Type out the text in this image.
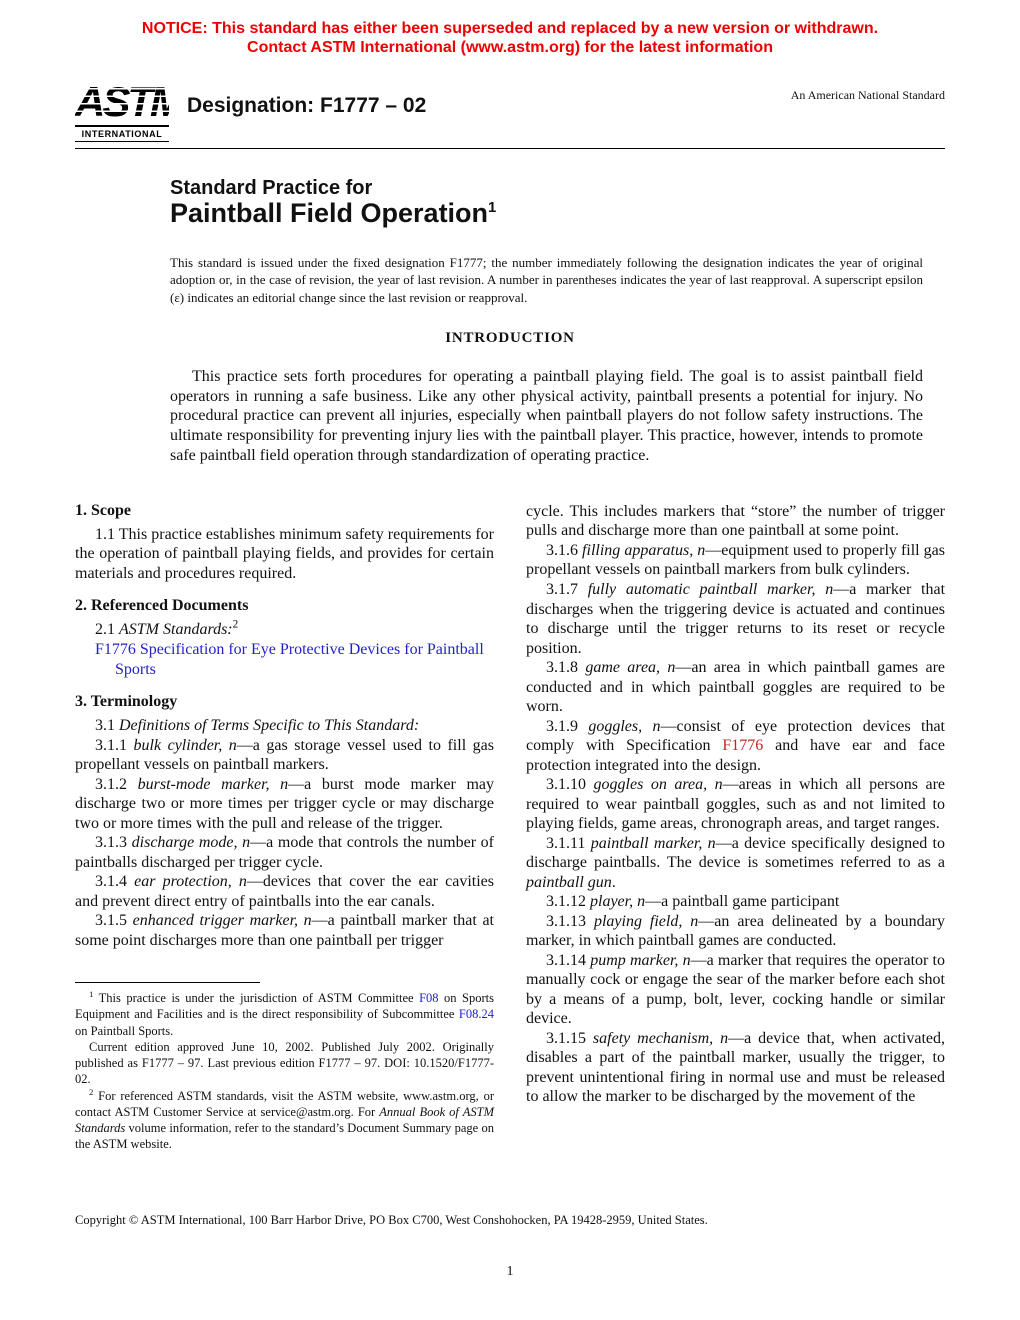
NOTICE: This standard has either been superseded and replaced by a new version or withdrawn.
Contact ASTM International (www.astm.org) for the latest information
ASTM
INTERNATIONAL
Designation: F1777 – 02	An American National Standard
Standard Practice for
Paintball Field Operation$^1$

This standard is issued under the fixed designation F1777; the number immediately following the designation indicates the year of original adoption or, in the case of revision, the year of last revision. A number in parentheses indicates the year of last reapproval. A superscript epsilon (ε) indicates an editorial change since the last revision or reapproval.

INTRODUCTION

This practice sets forth procedures for operating a paintball playing field. The goal is to assist paintball field operators in running a safe business. Like any other physical activity, paintball presents a potential for injury. No procedural practice can prevent all injuries, especially when paintball players do not follow safety instructions. The ultimate responsibility for preventing injury lies with the paintball player. This practice, however, intends to promote safe paintball field operation through standardization of operating practice.

1. Scope

1.1 This practice establishes minimum safety requirements for the operation of paintball playing fields, and provides for certain materials and procedures required.

2. Referenced Documents

2.1 ASTM Standards:$^2$

F1776 Specification for Eye Protective Devices for Paintball Sports

3. Terminology

3.1 Definitions of Terms Specific to This Standard:

3.1.1 bulk cylinder, n—a gas storage vessel used to fill gas propellant vessels on paintball markers.

3.1.2 burst-mode marker, n—a burst mode marker may discharge two or more times per trigger cycle or may discharge two or more times with the pull and release of the trigger.

3.1.3 discharge mode, n—a mode that controls the number of paintballs discharged per trigger cycle.

3.1.4 ear protection, n—devices that cover the ear cavities and prevent direct entry of paintballs into the ear canals.

3.1.5 enhanced trigger marker, n—a paintball marker that at some point discharges more than one paintball per trigger

$^1$ This practice is under the jurisdiction of ASTM Committee F08 on Sports Equipment and Facilities and is the direct responsibility of Subcommittee F08.24 on Paintball Sports.

Current edition approved June 10, 2002. Published July 2002. Originally published as F1777 – 97. Last previous edition F1777 – 97. DOI: 10.1520/F1777-02.

$^2$ For referenced ASTM standards, visit the ASTM website, www.astm.org, or contact ASTM Customer Service at service@astm.org. For Annual Book of ASTM Standards volume information, refer to the standard’s Document Summary page on the ASTM website.

cycle. This includes markers that “store” the number of trigger pulls and discharge more than one paintball at some point.

3.1.6 filling apparatus, n—equipment used to properly fill gas propellant vessels on paintball markers from bulk cylinders.

3.1.7 fully automatic paintball marker, n—a marker that discharges when the triggering device is actuated and continues to discharge until the trigger returns to its reset or recycle position.

3.1.8 game area, n—an area in which paintball games are conducted and in which paintball goggles are required to be worn.

3.1.9 goggles, n—consist of eye protection devices that comply with Specification F1776 and have ear and face protection integrated into the design.

3.1.10 goggles on area, n—areas in which all persons are required to wear paintball goggles, such as and not limited to playing fields, game areas, chronograph areas, and target ranges.

3.1.11 paintball marker, n—a device specifically designed to discharge paintballs. The device is sometimes referred to as a paintball gun.

3.1.12 player, n—a paintball game participant

3.1.13 playing field, n—an area delineated by a boundary marker, in which paintball games are conducted.

3.1.14 pump marker, n—a marker that requires the operator to manually cock or engage the sear of the marker before each shot by a means of a pump, bolt, lever, cocking handle or similar device.

3.1.15 safety mechanism, n—a device that, when activated, disables a part of the paintball marker, usually the trigger, to prevent unintentional firing in normal use and must be released to allow the marker to be discharged by the movement of the

Copyright © ASTM International, 100 Barr Harbor Drive, PO Box C700, West Conshohocken, PA 19428-2959, United States.

1
